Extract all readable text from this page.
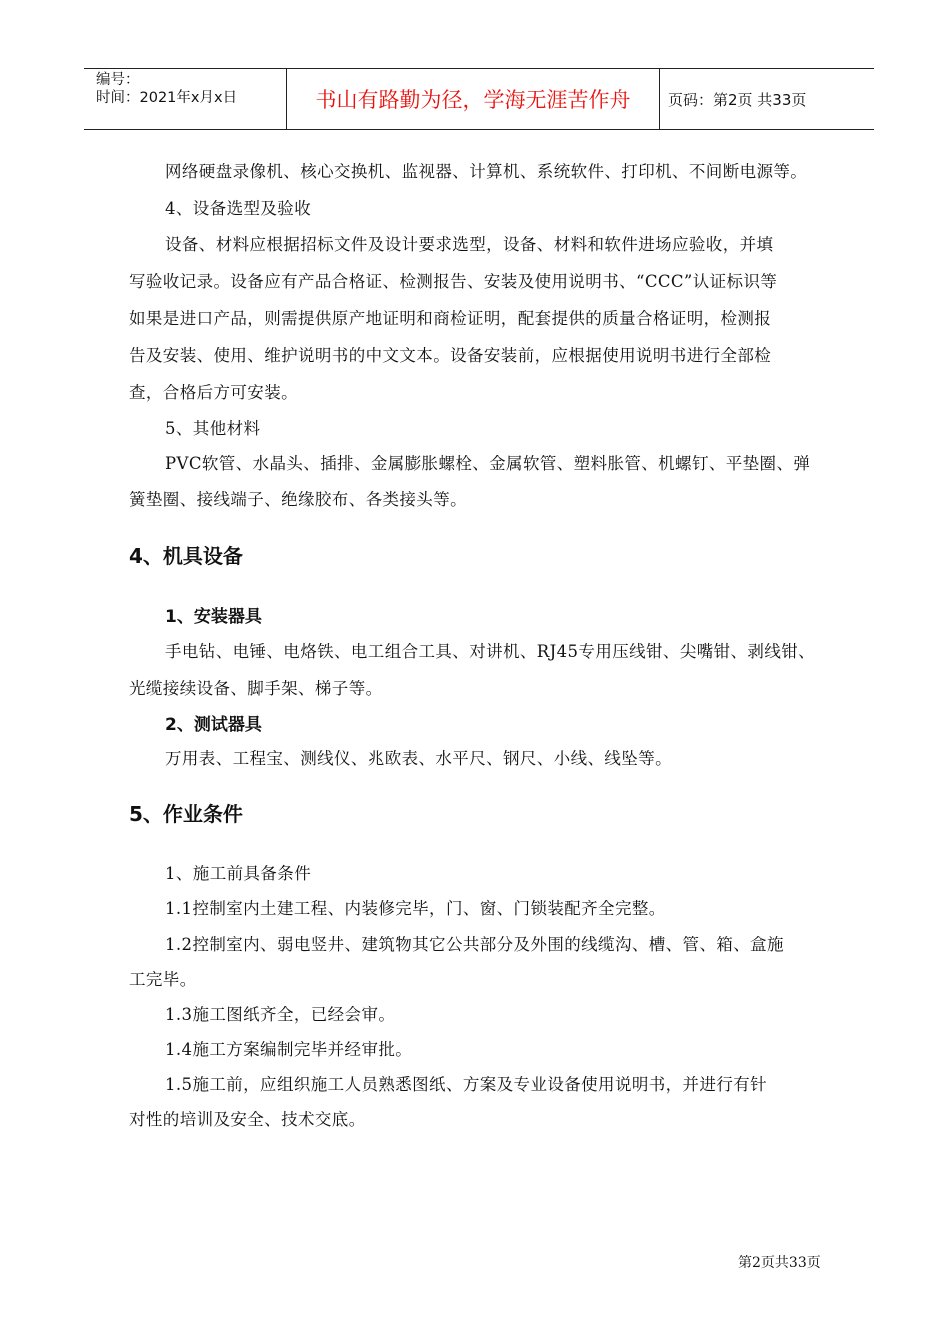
编号：
时间：2021年x月x日	书山有路勤为径，学海无涯苦作舟	页码：第2页 共33页
网络硬盘录像机、核心交换机、监视器、计算机、系统软件、打印机、不间断电源等。
4、设备选型及验收
设备、材料应根据招标文件及设计要求选型，设备、材料和软件进场应验收，并填
写验收记录。设备应有产品合格证、检测报告、安装及使用说明书、“CCC”认证标识等
如果是进口产品，则需提供原产地证明和商检证明，配套提供的质量合格证明，检测报
告及安装、使用、维护说明书的中文文本。设备安装前，应根据使用说明书进行全部检
查，合格后方可安装。
5、其他材料
PVC软管、水晶头、插排、金属膨胀螺栓、金属软管、塑料胀管、机螺钉、平垫圈、弹
簧垫圈、接线端子、绝缘胶布、各类接头等。
4、机具设备
1、安装器具
手电钻、电锤、电烙铁、电工组合工具、对讲机、RJ45专用压线钳、尖嘴钳、剥线钳、
光缆接续设备、脚手架、梯子等。
2、测试器具
万用表、工程宝、测线仪、兆欧表、水平尺、钢尺、小线、线坠等。
5、作业条件
1、施工前具备条件
1.1控制室内土建工程、内装修完毕，门、窗、门锁装配齐全完整。
1.2控制室内、弱电竖井、建筑物其它公共部分及外围的线缆沟、槽、管、箱、盒施
工完毕。
1.3施工图纸齐全，已经会审。
1.4施工方案编制完毕并经审批。
1.5施工前，应组织施工人员熟悉图纸、方案及专业设备使用说明书，并进行有针
对性的培训及安全、技术交底。
第2页共33页
